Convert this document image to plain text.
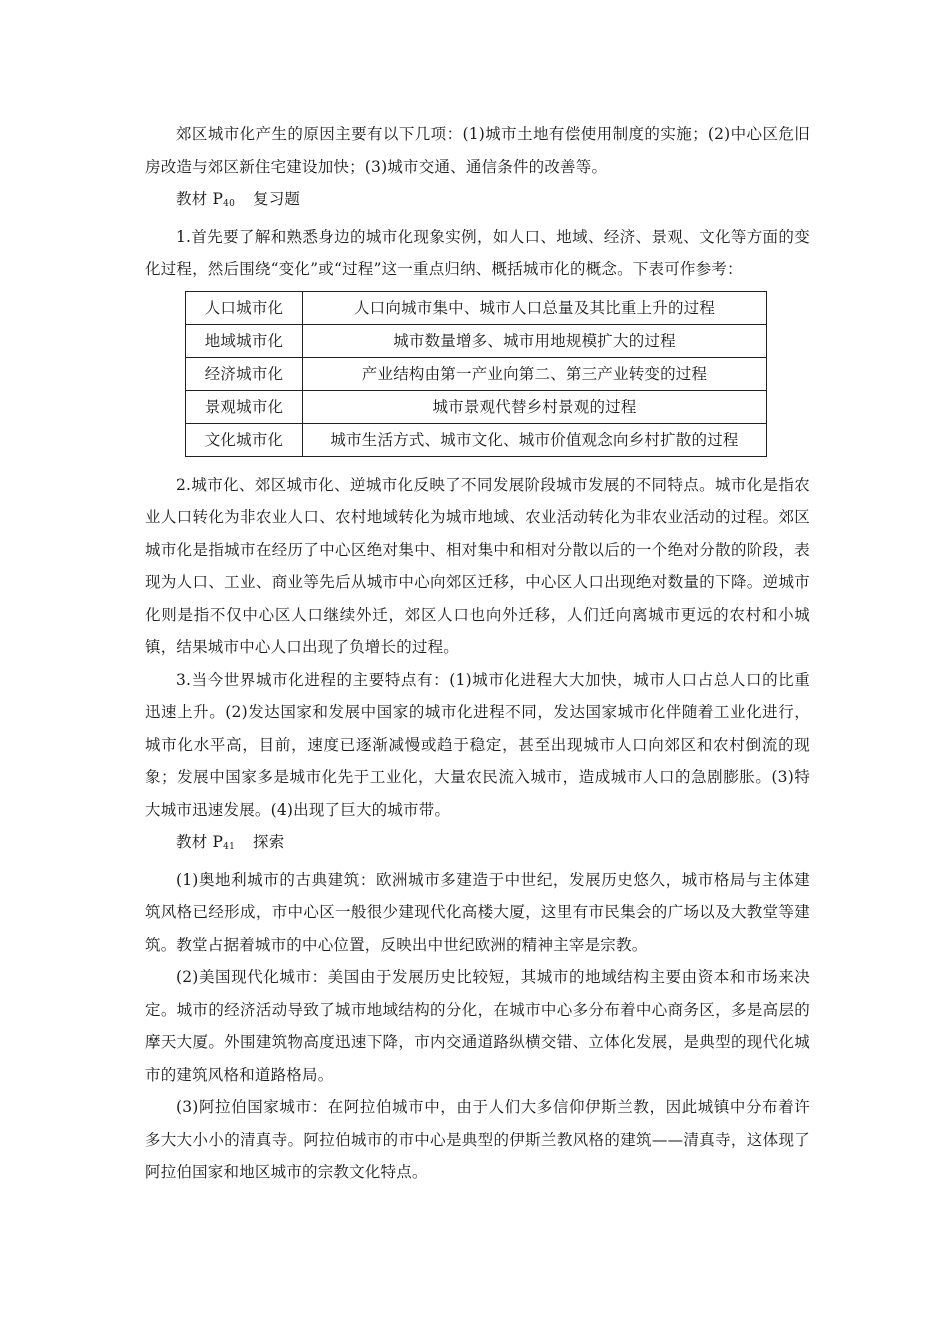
郊区城市化产生的原因主要有以下几项：(1)城市土地有偿使用制度的实施；(2)中心区危旧房改造与郊区新住宅建设加快；(3)城市交通、通信条件的改善等。

教材 $P_{40}$ 复习题

1.首先要了解和熟悉身边的城市化现象实例，如人口、地域、经济、景观、文化等方面的变化过程，然后围绕“变化”或“过程”这一重点归纳、概括城市化的概念。下表可作参考：

人口城市化	人口向城市集中、城市人口总量及其比重上升的过程
地域城市化	城市数量增多、城市用地规模扩大的过程
经济城市化	产业结构由第一产业向第二、第三产业转变的过程
景观城市化	城市景观代替乡村景观的过程
文化城市化	城市生活方式、城市文化、城市价值观念向乡村扩散的过程

2.城市化、郊区城市化、逆城市化反映了不同发展阶段城市发展的不同特点。城市化是指农业人口转化为非农业人口、农村地域转化为城市地域、农业活动转化为非农业活动的过程。郊区城市化是指城市在经历了中心区绝对集中、相对集中和相对分散以后的一个绝对分散的阶段，表现为人口、工业、商业等先后从城市中心向郊区迁移，中心区人口出现绝对数量的下降。逆城市化则是指不仅中心区人口继续外迁，郊区人口也向外迁移，人们迁向离城市更远的农村和小城镇，结果城市中心人口出现了负增长的过程。

3.当今世界城市化进程的主要特点有：(1)城市化进程大大加快，城市人口占总人口的比重迅速上升。(2)发达国家和发展中国家的城市化进程不同，发达国家城市化伴随着工业化进行，城市化水平高，目前，速度已逐渐减慢或趋于稳定，甚至出现城市人口向郊区和农村倒流的现象；发展中国家多是城市化先于工业化，大量农民流入城市，造成城市人口的急剧膨胀。(3)特大城市迅速发展。(4)出现了巨大的城市带。

教材 $P_{41}$ 探索

(1)奥地利城市的古典建筑：欧洲城市多建造于中世纪，发展历史悠久，城市格局与主体建筑风格已经形成，市中心区一般很少建现代化高楼大厦，这里有市民集会的广场以及大教堂等建筑。教堂占据着城市的中心位置，反映出中世纪欧洲的精神主宰是宗教。

(2)美国现代化城市：美国由于发展历史比较短，其城市的地域结构主要由资本和市场来决定。城市的经济活动导致了城市地域结构的分化，在城市中心多分布着中心商务区，多是高层的摩天大厦。外围建筑物高度迅速下降，市内交通道路纵横交错、立体化发展，是典型的现代化城市的建筑风格和道路格局。

(3)阿拉伯国家城市：在阿拉伯城市中，由于人们大多信仰伊斯兰教，因此城镇中分布着许多大大小小的清真寺。阿拉伯城市的市中心是典型的伊斯兰教风格的建筑——清真寺，这体现了阿拉伯国家和地区城市的宗教文化特点。
